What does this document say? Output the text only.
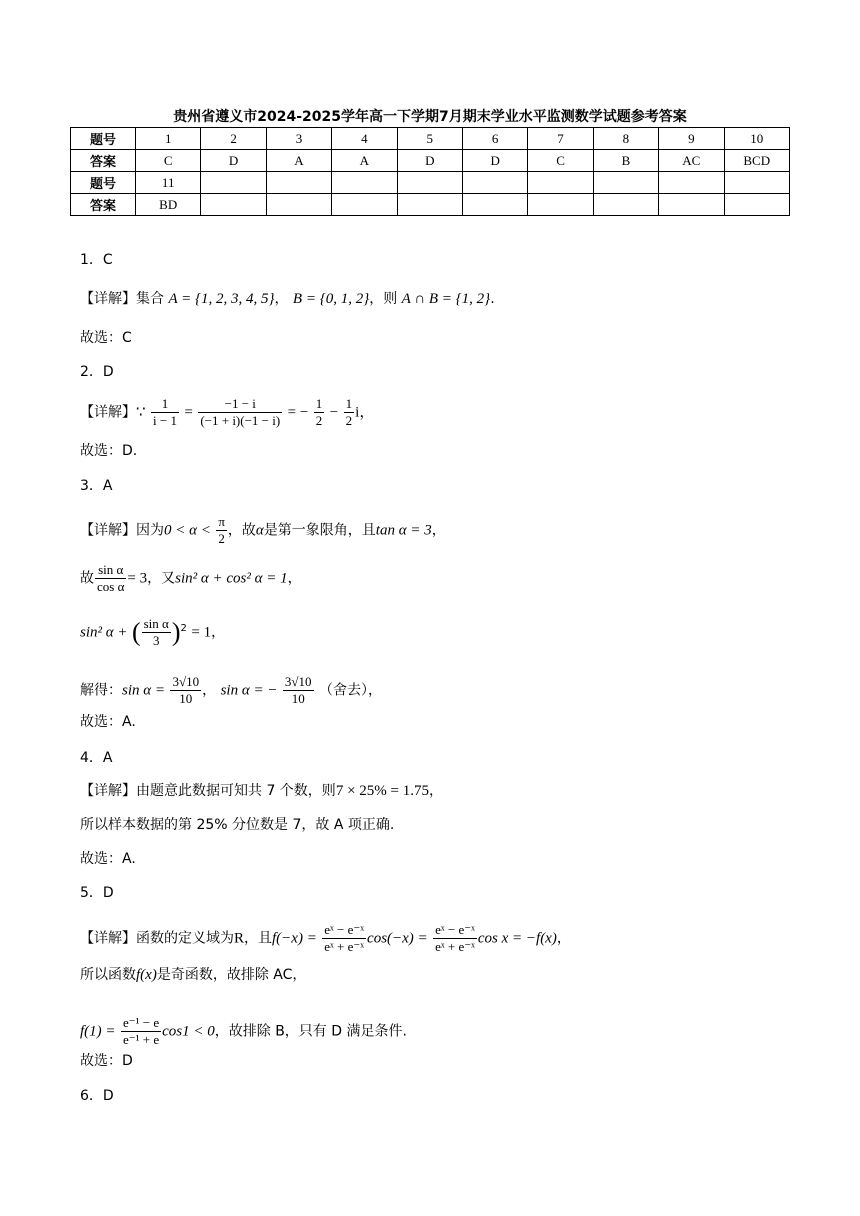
贵州省遵义市2024-2025学年高一下学期7月期末学业水平监测数学试题参考答案
题号	1	2	3	4	5	6	7	8	9	10
答案	C	D	A	A	D	D	C	B	AC	BCD
题号	11									
答案	BD									
1．C
【详解】集合 A = {1, 2, 3, 4, 5}， B = {0, 1, 2}，则 A ∩ B = {1, 2}.
故选：C
2．D
【详解】∵ $\frac{1}{i - 1} = \frac{-1 - i}{(-1 + i)(-1 - i)}$ = − $\frac{1}{2} - \frac{1}{2}$ i，
故选：D.
3．A
【详解】因为$0 < \alpha < \frac{\pi}{2}$ ，故α是第一象限角，且tan α = 3，
故 $\frac{\text{sin α}}{\text{cos α}} = 3$，又sin² α + cos² α = 1，
sin² α + ( $\frac{\text{sin α}}{3} )^2 = 1$，
解得：$\sin \alpha = \frac{3√10}{10}$ ， sin α = − $\frac{3√10}{10}$ （舍去），
故选：A.
4．A
【详解】由题意此数据可知共 7 个数，则7 × 25% = 1.75，
所以样本数据的第 25% 分位数是 7，故 A 项正确.
故选：A.
5．D
【详解】函数的定义域为R，且$f(-x) = \frac{\text{eˣ − e⁻ˣ}}{\text{eˣ + e⁻ˣ}} \cos(-x) = \frac{\text{eˣ − e⁻ˣ}}{\text{eˣ + e⁻ˣ}}$ cos x = −f(x)，
所以函数f(x)是奇函数，故排除 AC，
$f(1) = \frac{\text{e⁻¹ − e}}{\text{e⁻¹ + e}} \cos 1 < 0$，故排除 B，只有 D 满足条件.
故选：D
6．D
